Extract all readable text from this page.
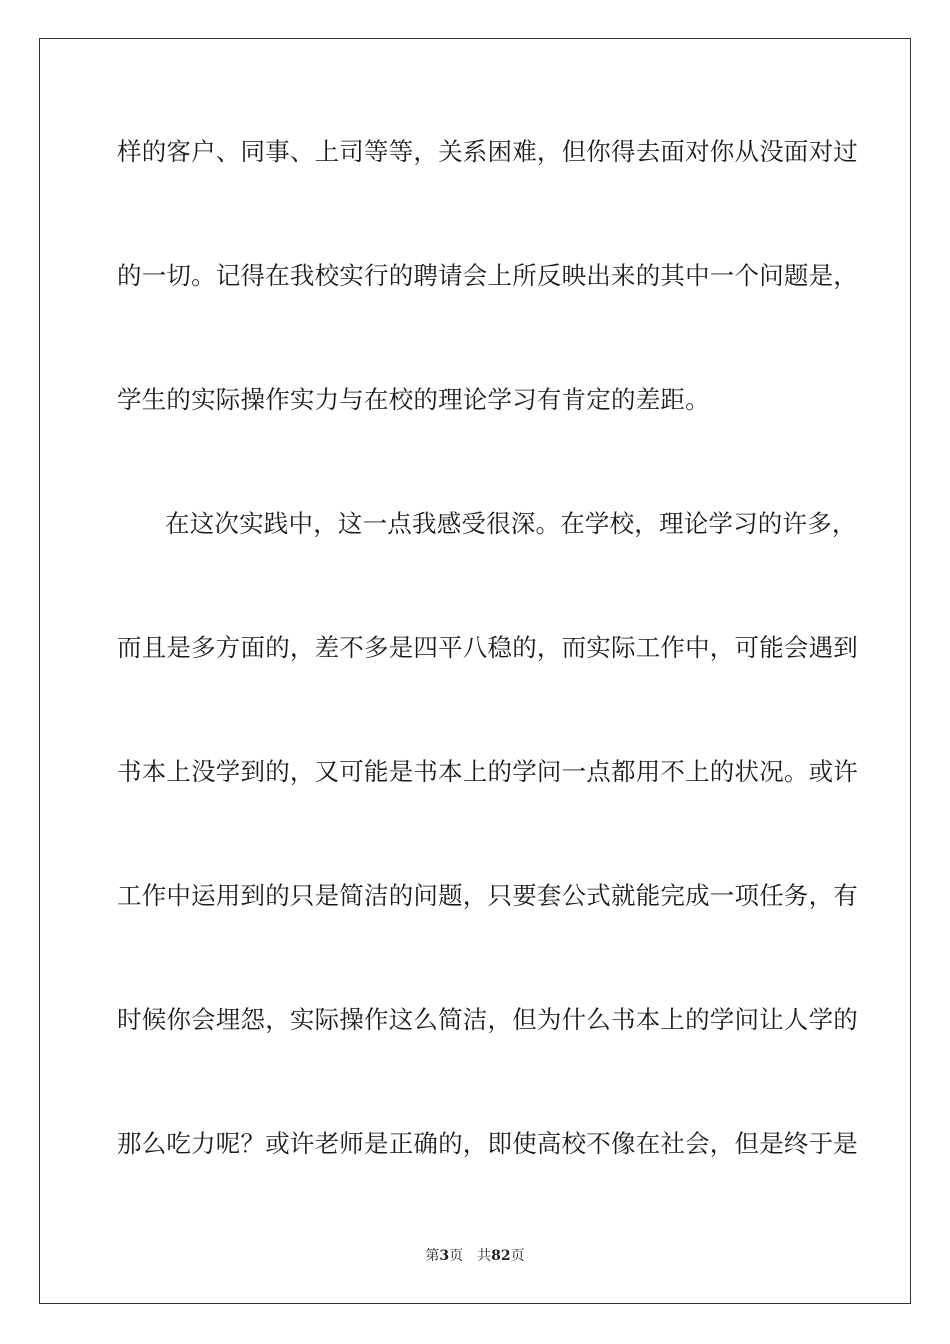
样的客户、同事、上司等等，关系困难，但你得去面对你从没面对过
的一切。记得在我校实行的聘请会上所反映出来的其中一个问题是，
学生的实际操作实力与在校的理论学习有肯定的差距。
在这次实践中，这一点我感受很深。在学校，理论学习的许多，
而且是多方面的，差不多是四平八稳的，而实际工作中，可能会遇到
书本上没学到的，又可能是书本上的学问一点都用不上的状况。或许
工作中运用到的只是简洁的问题，只要套公式就能完成一项任务，有
时候你会埋怨，实际操作这么简洁，但为什么书本上的学问让人学的
那么吃力呢？或许老师是正确的，即使高校不像在社会，但是终于是
第3页 共82页
